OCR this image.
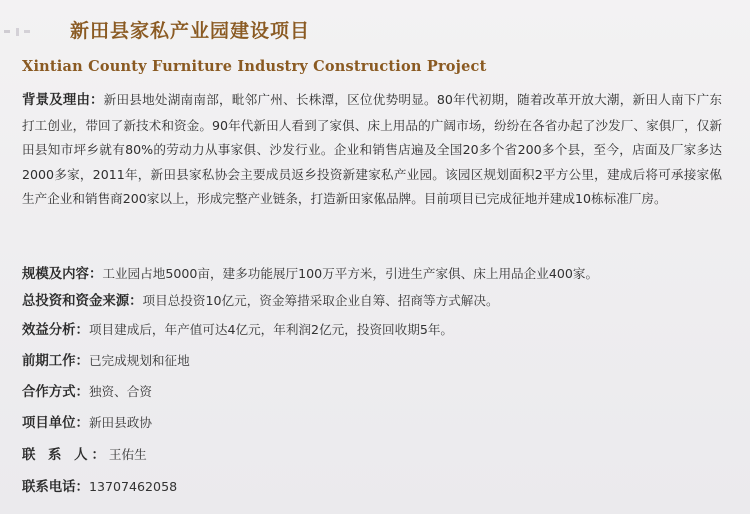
新田县家私产业园建设项目
Xintian County Furniture Industry Construction Project
背景及理由：新田县地处湖南南部，毗邻广州、长株潭，区位优势明显。80年代初期，随着改革开放大潮，新田人南下广东打工创业，带回了新技术和资金。90年代新田人看到了家俱、床上用品的广阔市场，纷纷在各省办起了沙发厂、家俱厂，仅新田县知市坪乡就有80%的劳动力从事家俱、沙发行业。企业和销售店遍及全国20多个省200多个县，至今，店面及厂家多达2000多家，2011年，新田县家私协会主要成员返乡投资新建家私产业园。该园区规划面积2平方公里，建成后将可承接家俬生产企业和销售商200家以上，形成完整产业链条，打造新田家俬品牌。目前项目已完成征地并建成10栋标准厂房。
规模及内容： 工业园占地5000亩，建多功能展厅100万平方米，引进生产家俱、床上用品企业400家。
总投资和资金来源： 项目总投资10亿元，资金筹措采取企业自筹、招商等方式解决。
效益分析： 项目建成后，年产值可达4亿元，年利润2亿元，投资回收期5年。
前期工作： 已完成规划和征地
合作方式： 独资、合资
项目单位： 新田县政协
联 系 人： 王佑生
联系电话： 13707462058
